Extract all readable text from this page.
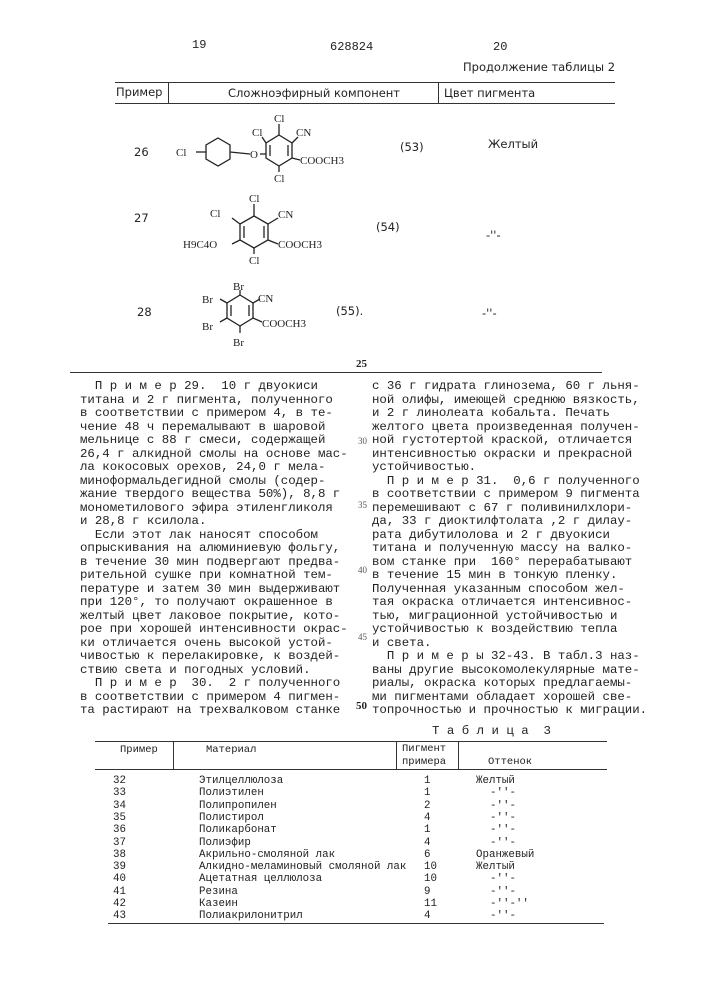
19	628824	20
Продолжение таблицы 2
Пример	Сложноэфирный компонент	Цвет пигмента
26
27
28
(53)
(54)
(55).
Желтый
-''-
-''-
Cl	O
Cl
Cl	CN
COOCH3
Cl
Cl
Cl	CN
H9C4O	COOCH3
Cl
Br
Br	CN
Br	COOCH3
Br
П р и м е р 29.  10 г двуокиси
титана и 2 г пигмента, полученного
в соответствии с примером 4, в те-
чение 48 ч перемалывают в шаровой
мельнице с 88 г смеси, содержащей
26,4 г алкидной смолы на основе мас-
ла кокосовых орехов, 24,0 г мела-
миноформальдегидной смолы (содер-
жание твердого вещества 50%), 8,8 г
монометилового эфира этиленгликоля
и 28,8 г ксилола.
Если этот лак наносят способом
опрыскивания на алюминиевую фольгу,
в течение 30 мин подвергают предва-
рительной сушке при комнатной тем-
пературе и затем 30 мин выдерживают
при 120°, то получают окрашенное в
желтый цвет лаковое покрытие, кото-
рое при хорошей интенсивности окрас-
ки отличается очень высокой устой-
чивостью к перелакировке, к воздей-
ствию света и погодных условий.
П р и м е р  30.  2 г полученного
в соответствии с примером 4 пигмен-
та растирают на трехвалковом станке
с 36 г гидрата глинозема, 60 г льня-
ной олифы, имеющей среднюю вязкость,
и 2 г линолеата кобальта. Печать
желтого цвета произведенная получен-
ной густотертой краской, отличается
интенсивностью окраски и прекрасной
устойчивостью.
П р и м е р 31.  0,6 г полученного
в соответствии с примером 9 пигмента
перемешивают с 67 г поливинилхлори-
да, 33 г диоктилфтолата ,2 г дилау-
рата дибутилолова и 2 г двуокиси
титана и полученную массу на валко-
вом станке при  160° перерабатывают
в течение 15 мин в тонкую пленку.
Полученная указанным способом жел-
тая окраска отличается интенсивнос-
тью, миграционной устойчивостью и
устойчивостью к воздействию тепла
и света.
П р и м е р ы 32-43. В табл.3 наз-
ваны другие высокомолекулярные мате-
риалы, окраска которых предлагаемы-
ми пигментами обладает хорошей све-
топрочностью и прочностью к миграции.
25
30
35
40
45
50
Т а б л и ц а  3
Пример	Материал	Пигмент
примера	Оттенок
32	Этилцеллюлоза	1	Желтый
33	Полиэтилен	1	-''-
34	Полипропилен	2	-''-
35	Полистирол	4	-''-
36	Поликарбонат	1	-''-
37	Полиэфир	4	-''-
38	Акрильно-смоляной лак	6	Оранжевый
39	Алкидно-меламиновый смоляной лак 10	Желтый
40	Ацетатная целлюлоза	10	-''-
41	Резина	9	-''-
42	Казеин	11	-''-''
43	Полиакрилонитрил	4	-''-
